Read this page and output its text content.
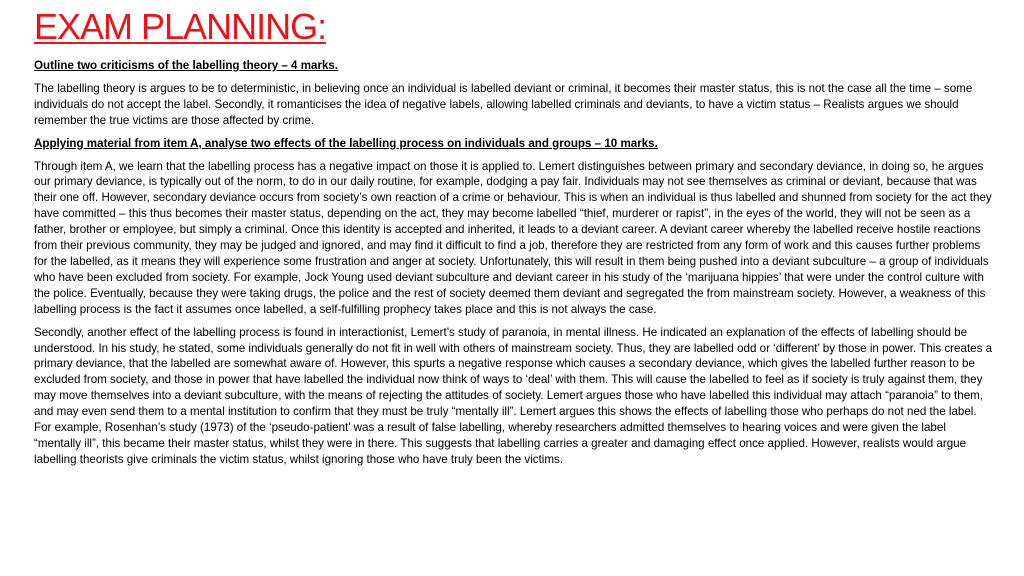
EXAM PLANNING:

Outline two criticisms of the labelling theory – 4 marks.

The labelling theory is argues to be to deterministic, in believing once an individual is labelled deviant or criminal, it becomes their master status, this is not the case all the time – some individuals do not accept the label. Secondly, it romanticises the idea of negative labels, allowing labelled criminals and deviants, to have a victim status – Realists argues we should remember the true victims are those affected by crime.

Applying material from item A, analyse two effects of the labelling process on individuals and groups – 10 marks.

Through item A, we learn that the labelling process has a negative impact on those it is applied to. Lemert distinguishes between primary and secondary deviance, in doing so, he argues our primary deviance, is typically out of the norm, to do in our daily routine, for example, dodging a pay fair. Individuals may not see themselves as criminal or deviant, because that was their one off. However, secondary deviance occurs from society’s own reaction of a crime or behaviour. This is when an individual is thus labelled and shunned from society for the act they have committed – this thus becomes their master status, depending on the act, they may become labelled “thief, murderer or rapist”, in the eyes of the world, they will not be seen as a father, brother or employee, but simply a criminal. Once this identity is accepted and inherited, it leads to a deviant career. A deviant career whereby the labelled receive hostile reactions from their previous community, they may be judged and ignored, and may find it difficult to find a job, therefore they are restricted from any form of work and this causes further problems for the labelled, as it means they will experience some frustration and anger at society. Unfortunately, this will result in them being pushed into a deviant subculture – a group of individuals who have been excluded from society. For example, Jock Young used deviant subculture and deviant career in his study of the ‘marijuana hippies’ that were under the control culture with the police. Eventually, because they were taking drugs, the police and the rest of society deemed them deviant and segregated the from mainstream society. However, a weakness of this labelling process is the fact it assumes once labelled, a self-fulfilling prophecy takes place and this is not always the case.

Secondly, another effect of the labelling process is found in interactionist, Lemert’s study of paranoia, in mental illness. He indicated an explanation of the effects of labelling should be understood. In his study, he stated, some individuals generally do not fit in well with others of mainstream society. Thus, they are labelled odd or ‘different’ by those in power. This creates a primary deviance, that the labelled are somewhat aware of. However, this spurts a negative response which causes a secondary deviance, which gives the labelled further reason to be excluded from society, and those in power that have labelled the individual now think of ways to ‘deal’ with them. This will cause the labelled to feel as if society is truly against them, they may move themselves into a deviant subculture, with the means of rejecting the attitudes of society. Lemert argues those who have labelled this individual may attach “paranoia” to them, and may even send them to a mental institution to confirm that they must be truly “mentally ill”. Lemert argues this shows the effects of labelling those who perhaps do not ned the label. For example, Rosenhan’s study (1973) of the ‘pseudo-patient’ was a result of false labelling, whereby researchers admitted themselves to hearing voices and were given the label “mentally ill”, this became their master status, whilst they were in there. This suggests that labelling carries a greater and damaging effect once applied. However, realists would argue labelling theorists give criminals the victim status, whilst ignoring those who have truly been the victims.
